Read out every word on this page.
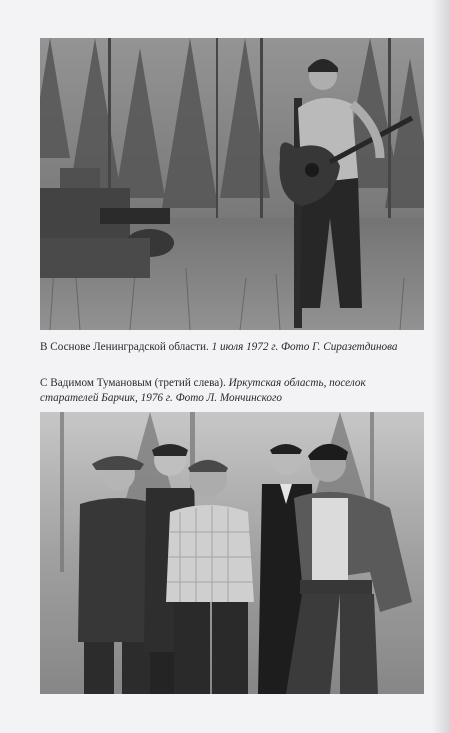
В Соснове Ленинградской области. 1 июля 1972 г. Фото Г. Сиразетдинова
С Вадимом Тумановым (третий слева). Иркутская область, поселок старателей Барчик, 1976 г. Фото Л. Мончинского
